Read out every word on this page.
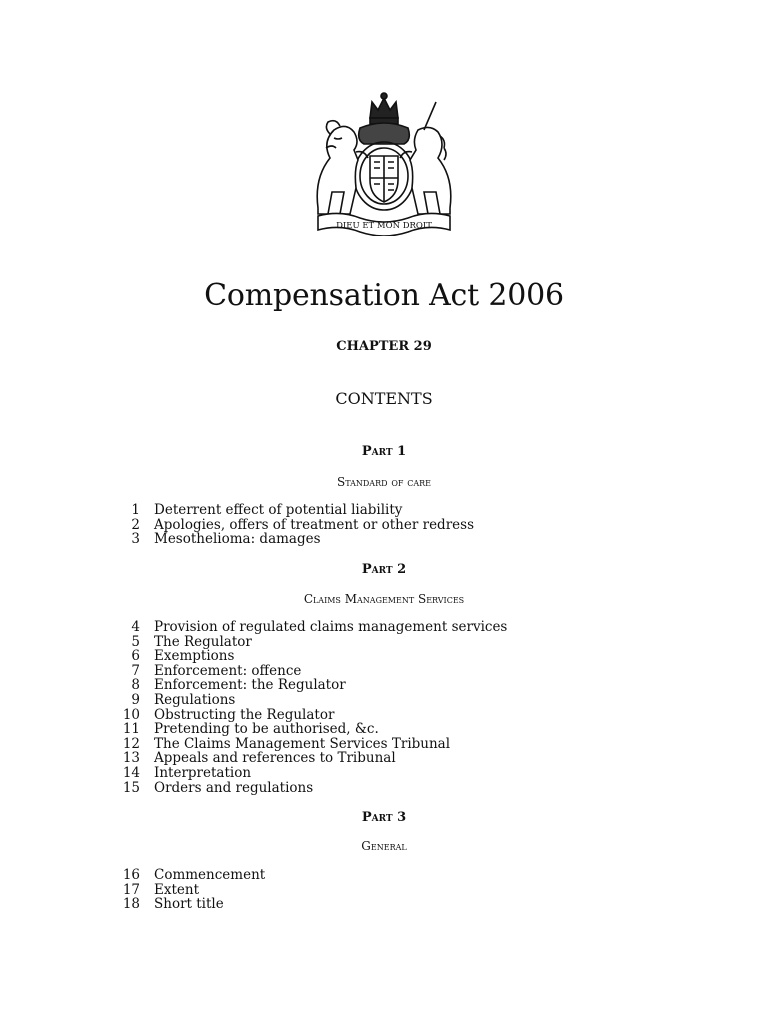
DIEU ET MON DROIT
Compensation Act 2006
CHAPTER 29
CONTENTS
Part 1
Standard of care
1	Deterrent effect of potential liability
2	Apologies, offers of treatment or other redress
3	Mesothelioma: damages
Part 2
Claims Management Services
4	Provision of regulated claims management services
5	The Regulator
6	Exemptions
7	Enforcement: offence
8	Enforcement: the Regulator
9	Regulations
10	Obstructing the Regulator
11	Pretending to be authorised, &c.
12	The Claims Management Services Tribunal
13	Appeals and references to Tribunal
14	Interpretation
15	Orders and regulations
Part 3
General
16	Commencement
17	Extent
18	Short title
